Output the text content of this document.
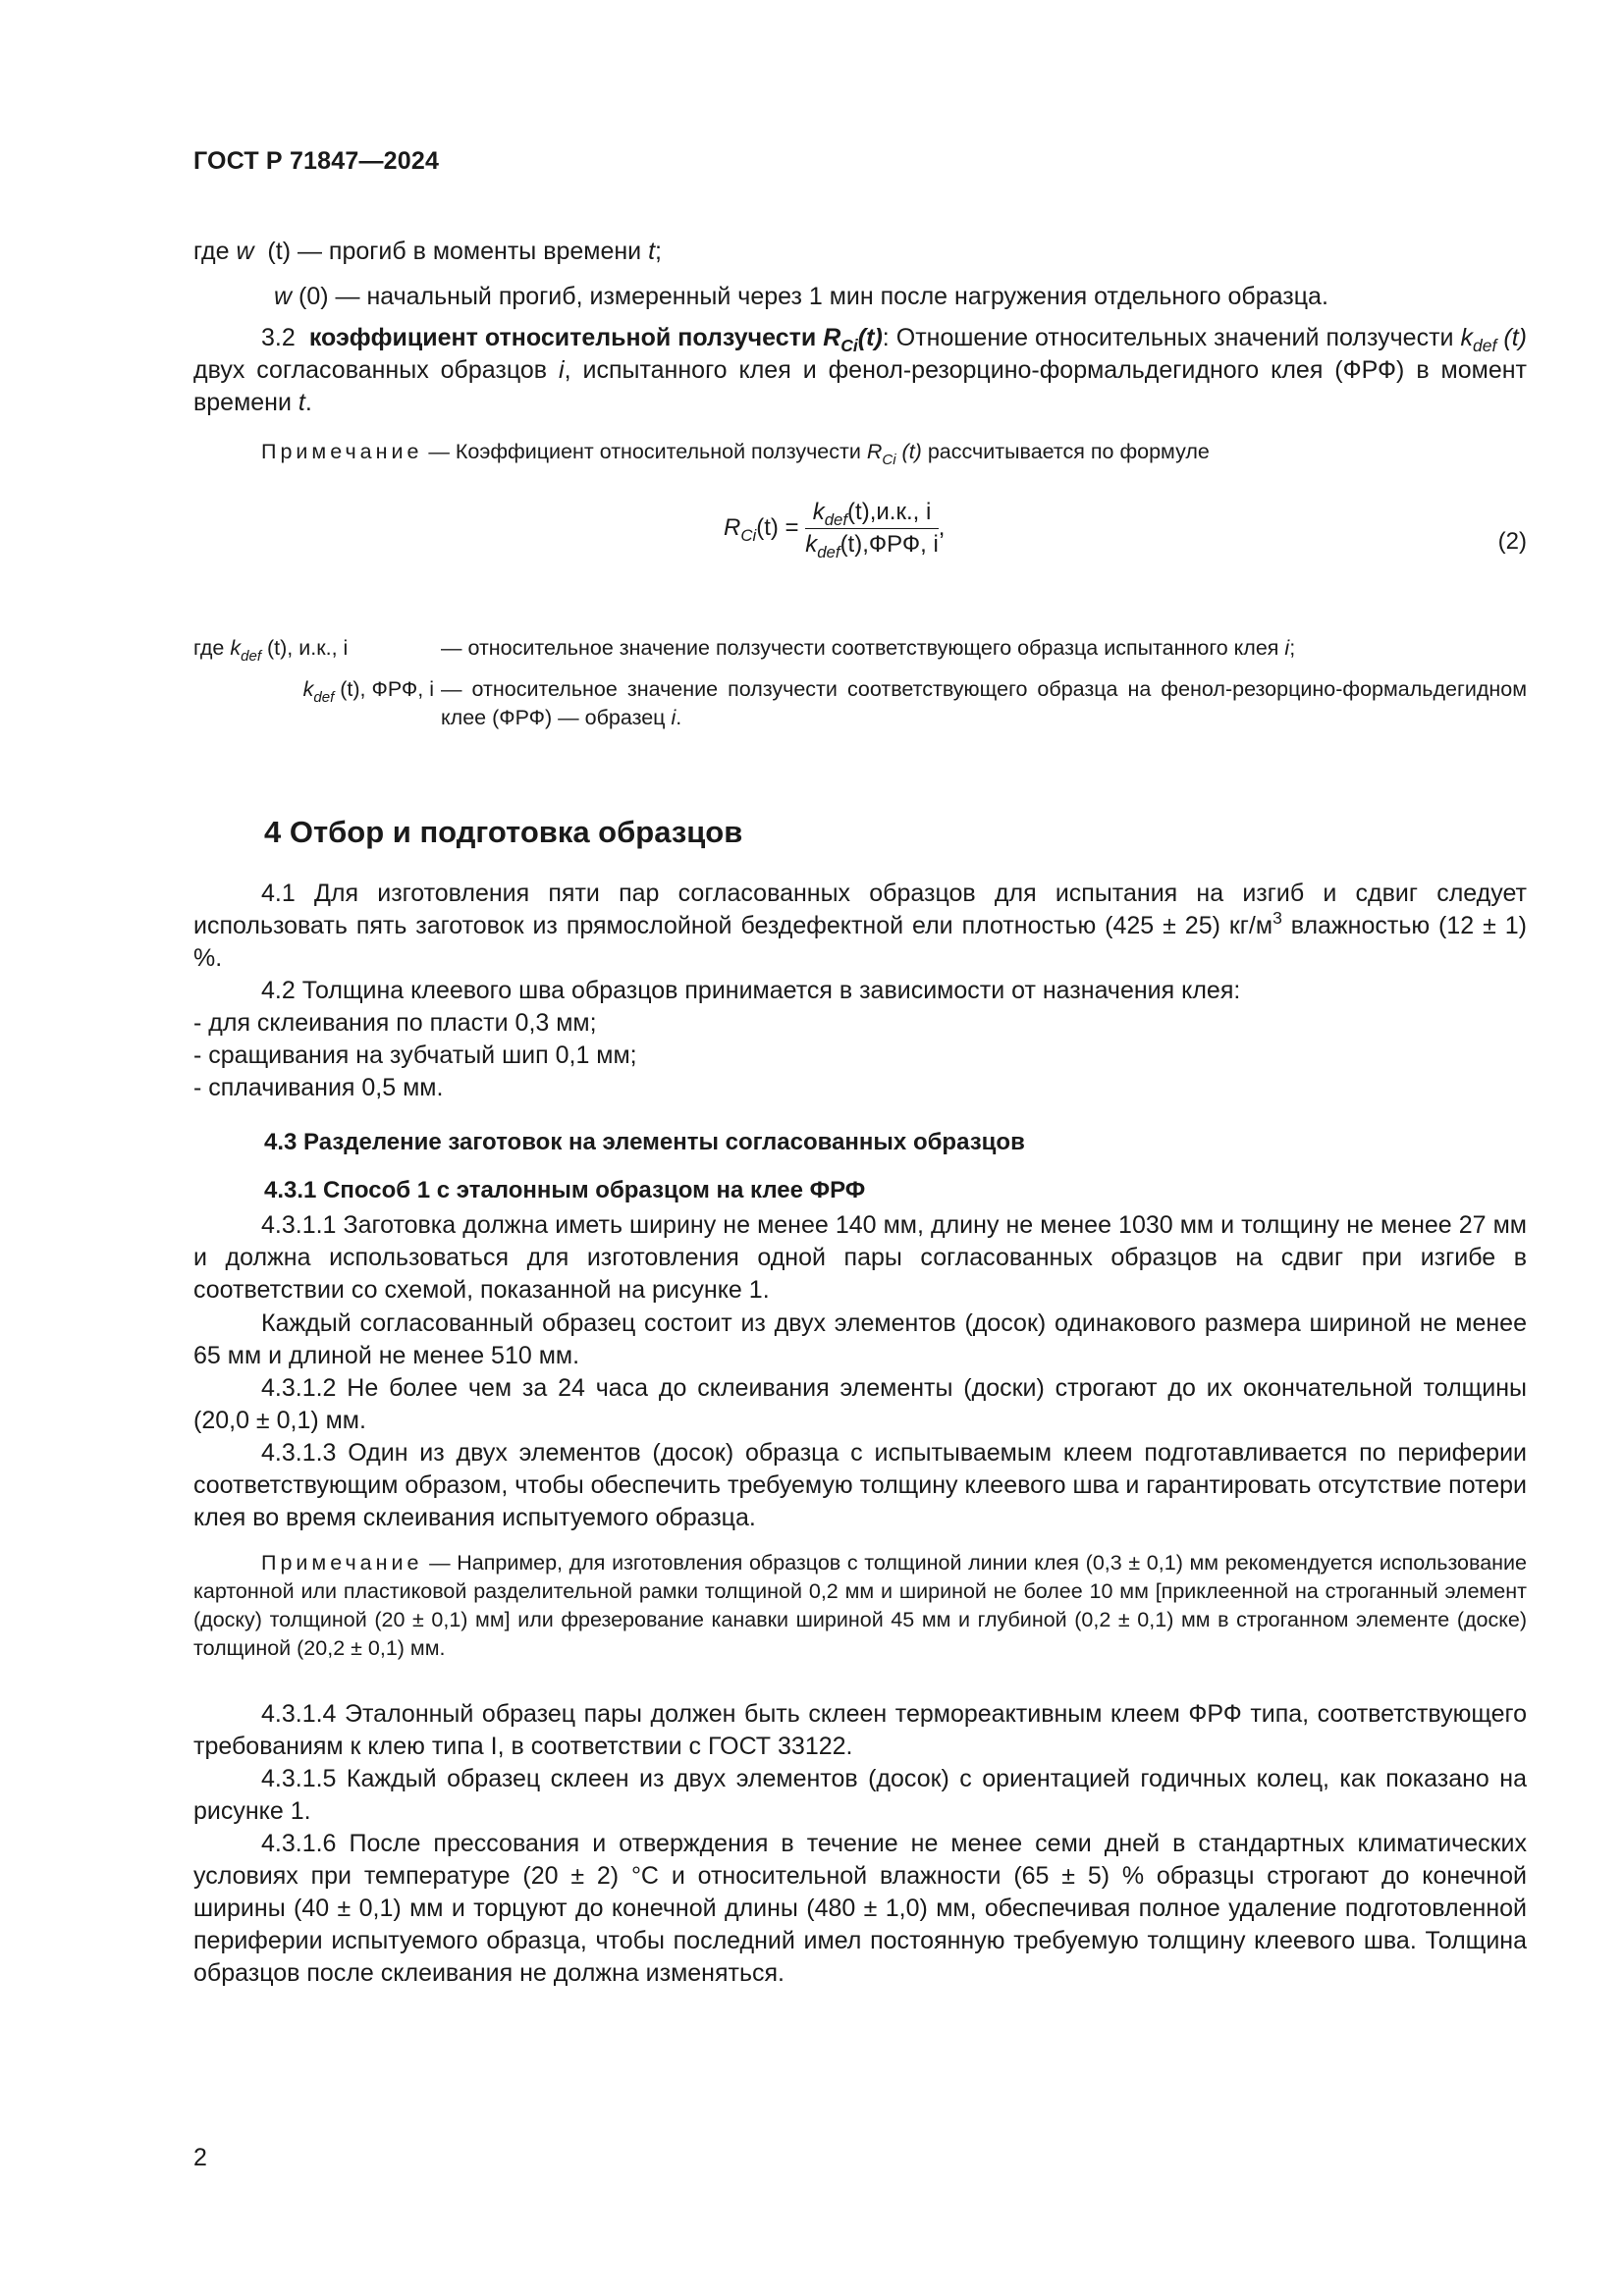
ГОСТ Р 71847—2024
где w (t) — прогиб в моменты времени t;
w (0) — начальный прогиб, измеренный через 1 мин после нагружения отдельного образца.
3.2 коэффициент относительной ползучести $R_{Ci}(t)$: Отношение относительных значений ползучести $k_{def}$ (t) двух согласованных образцов i, испытанного клея и фенол-резорцино-формальдегидного клея (ФРФ) в момент времени t.
Примечание — Коэффициент относительной ползучести $R_{Ci}$ (t) рассчитывается по формуле
$R_{Ci}(t) = \frac{k_{def}(t),и.к., i}{k_{def}(t),ФРФ, i}$ ,
(2)
где $k_{def}$ (t), и.к., i	— относительное значение ползучести соответствующего образца испытанного клея i;
$k_{def}$ (t), ФРФ, i — относительное значение ползучести соответствующего образца на фенол-резорцино-формальдегидном клее (ФРФ) — образец i.
4 Отбор и подготовка образцов
4.1 Для изготовления пяти пар согласованных образцов для испытания на изгиб и сдвиг следует использовать пять заготовок из прямослойной бездефектной ели плотностью (425 ± 25) $кг/м^3$ влажностью (12 ± 1) %.
4.2 Толщина клеевого шва образцов принимается в зависимости от назначения клея:
- для склеивания по пласти 0,3 мм;
- сращивания на зубчатый шип 0,1 мм;
- сплачивания 0,5 мм.
4.3 Разделение заготовок на элементы согласованных образцов
4.3.1 Способ 1 с эталонным образцом на клее ФРФ
4.3.1.1 Заготовка должна иметь ширину не менее 140 мм, длину не менее 1030 мм и толщину не менее 27 мм и должна использоваться для изготовления одной пары согласованных образцов на сдвиг при изгибе в соответствии со схемой, показанной на рисунке 1.
Каждый согласованный образец состоит из двух элементов (досок) одинакового размера шириной не менее 65 мм и длиной не менее 510 мм.
4.3.1.2 Не более чем за 24 часа до склеивания элементы (доски) строгают до их окончательной толщины (20,0 ± 0,1) мм.
4.3.1.3 Один из двух элементов (досок) образца с испытываемым клеем подготавливается по периферии соответствующим образом, чтобы обеспечить требуемую толщину клеевого шва и гарантировать отсутствие потери клея во время склеивания испытуемого образца.
Примечание — Например, для изготовления образцов с толщиной линии клея (0,3 ± 0,1) мм рекомендуется использование картонной или пластиковой разделительной рамки толщиной 0,2 мм и шириной не более 10 мм [приклеенной на строганный элемент (доску) толщиной (20 ± 0,1) мм] или фрезерование канавки шириной 45 мм и глубиной (0,2 ± 0,1) мм в строганном элементе (доске) толщиной (20,2 ± 0,1) мм.
4.3.1.4 Эталонный образец пары должен быть склеен термореактивным клеем ФРФ типа, соответствующего требованиям к клею типа I, в соответствии с ГОСТ 33122.
4.3.1.5 Каждый образец склеен из двух элементов (досок) с ориентацией годичных колец, как показано на рисунке 1.
4.3.1.6 После прессования и отверждения в течение не менее семи дней в стандартных климатических условиях при температуре (20 ± 2) °С и относительной влажности (65 ± 5) % образцы строгают до конечной ширины (40 ± 0,1) мм и торцуют до конечной длины (480 ± 1,0) мм, обеспечивая полное удаление подготовленной периферии испытуемого образца, чтобы последний имел постоянную требуемую толщину клеевого шва. Толщина образцов после склеивания не должна изменяться.
2
